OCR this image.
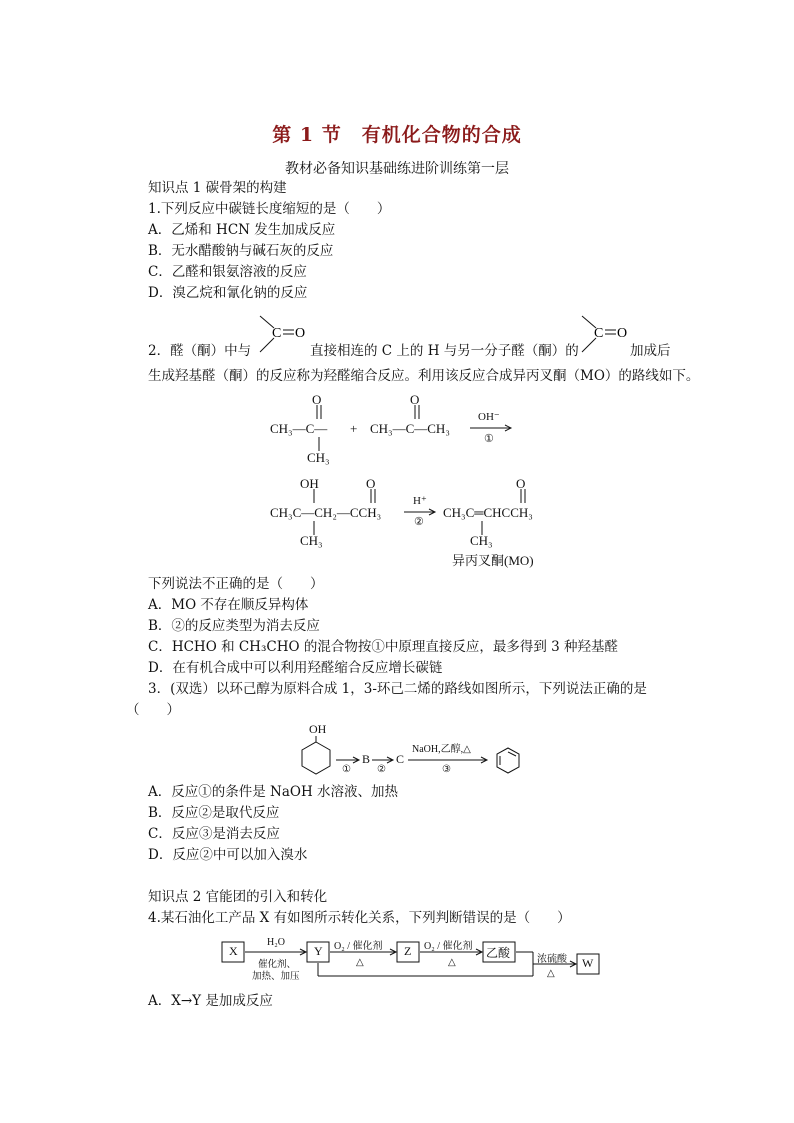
第 1 节　有机化合物的合成
教材必备知识基础练进阶训练第一层
知识点 1 碳骨架的构建
1.下列反应中碳链长度缩短的是（　　）
A．乙烯和 HCN 发生加成反应
B．无水醋酸钠与碱石灰的反应
C．乙醛和银氨溶液的反应
D．溴乙烷和氰化钠的反应
C O	C O
2．醛（酮）中与	直接相连的 C 上的 H 与另一分子醛（酮）的	加成后
生成羟基醛（酮）的反应称为羟醛缩合反应。利用该反应合成异丙叉酮（MO）的路线如下。
O
CH₃—C—
CH₃
+
O
CH₃—C—CH₃
OH⁻
①
OH	O
CH₃C—CH₂—CCH₃
CH₃
H⁺
②
O
CH₃C═CHCCH₃
CH₃
异丙叉酮(MO)
下列说法不正确的是（　　）
A．MO 不存在顺反异构体
B．②的反应类型为消去反应
C．HCHO 和 CH₃CHO 的混合物按①中原理直接反应，最多得到 3 种羟基醛
D．在有机合成中可以利用羟醛缩合反应增长碳链
3．(双选）以环己醇为原料合成 1，3-环己二烯的路线如图所示，下列说法正确的是
（　　）
OH
①
B
②
C
NaOH,乙醇,△
③
A．反应①的条件是 NaOH 水溶液、加热
B．反应②是取代反应
C．反应③是消去反应
D．反应②中可以加入溴水
知识点 2 官能团的引入和转化
4.某石油化工产品 X 有如图所示转化关系，下列判断错误的是（　　）
X	Y	Z	乙酸
W
H₂O
催化剂、
加热、加压
O₂ / 催化剂
△
O₂ / 催化剂
△	浓硫酸
△
A．X→Y 是加成反应
